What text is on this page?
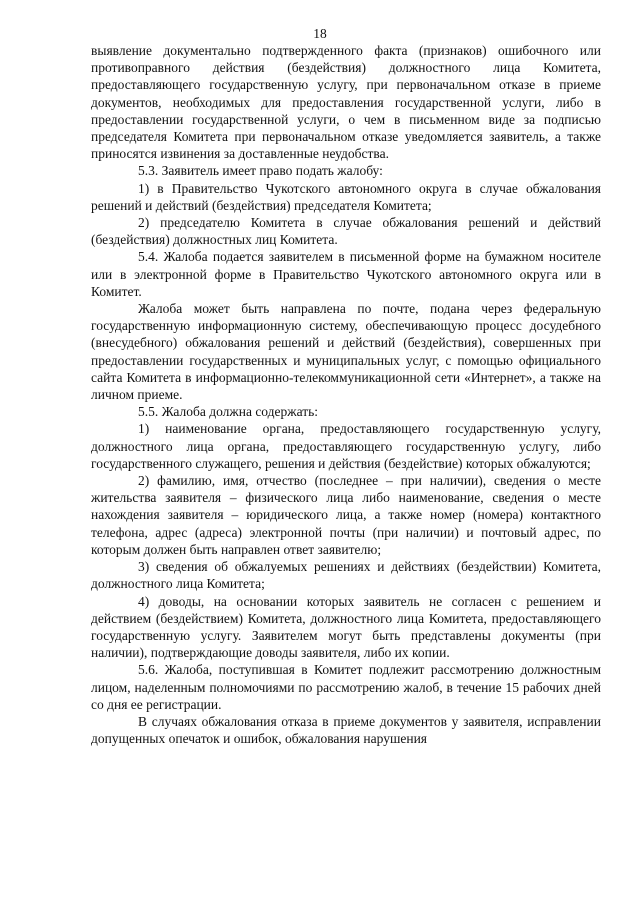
18

выявление документально подтвержденного факта (признаков) ошибочного или противоправного действия (бездействия) должностного лица Комитета, предоставляющего государственную услугу, при первоначальном отказе в приеме документов, необходимых для предоставления государственной услуги, либо в предоставлении государственной услуги, о чем в письменном виде за подписью председателя Комитета при первоначальном отказе уведомляется заявитель, а также приносятся извинения за доставленные неудобства.

5.3. Заявитель имеет право подать жалобу:

1) в Правительство Чукотского автономного округа в случае обжалования решений и действий (бездействия) председателя Комитета;

2) председателю Комитета в случае обжалования решений и действий (бездействия) должностных лиц Комитета.

5.4. Жалоба подается заявителем в письменной форме на бумажном носителе или в электронной форме в Правительство Чукотского автономного округа или в Комитет.

Жалоба может быть направлена по почте, подана через федеральную государственную информационную систему, обеспечивающую процесс досудебного (внесудебного) обжалования решений и действий (бездействия), совершенных при предоставлении государственных и муниципальных услуг, с помощью официального сайта Комитета в информационно-телекоммуникационной сети «Интернет», а также на личном приеме.

5.5. Жалоба должна содержать:

1) наименование органа, предоставляющего государственную услугу, должностного лица органа, предоставляющего государственную услугу, либо государственного служащего, решения и действия (бездействие) которых обжалуются;

2) фамилию, имя, отчество (последнее – при наличии), сведения о месте жительства заявителя – физического лица либо наименование, сведения о месте нахождения заявителя – юридического лица, а также номер (номера) контактного телефона, адрес (адреса) электронной почты (при наличии) и почтовый адрес, по которым должен быть направлен ответ заявителю;

3) сведения об обжалуемых решениях и действиях (бездействии) Комитета, должностного лица Комитета;

4) доводы, на основании которых заявитель не согласен с решением и действием (бездействием) Комитета, должностного лица Комитета, предоставляющего государственную услугу. Заявителем могут быть представлены документы (при наличии), подтверждающие доводы заявителя, либо их копии.

5.6. Жалоба, поступившая в Комитет подлежит рассмотрению должностным лицом, наделенным полномочиями по рассмотрению жалоб, в течение 15 рабочих дней со дня ее регистрации.

В случаях обжалования отказа в приеме документов у заявителя, исправлении допущенных опечаток и ошибок, обжалования нарушения
